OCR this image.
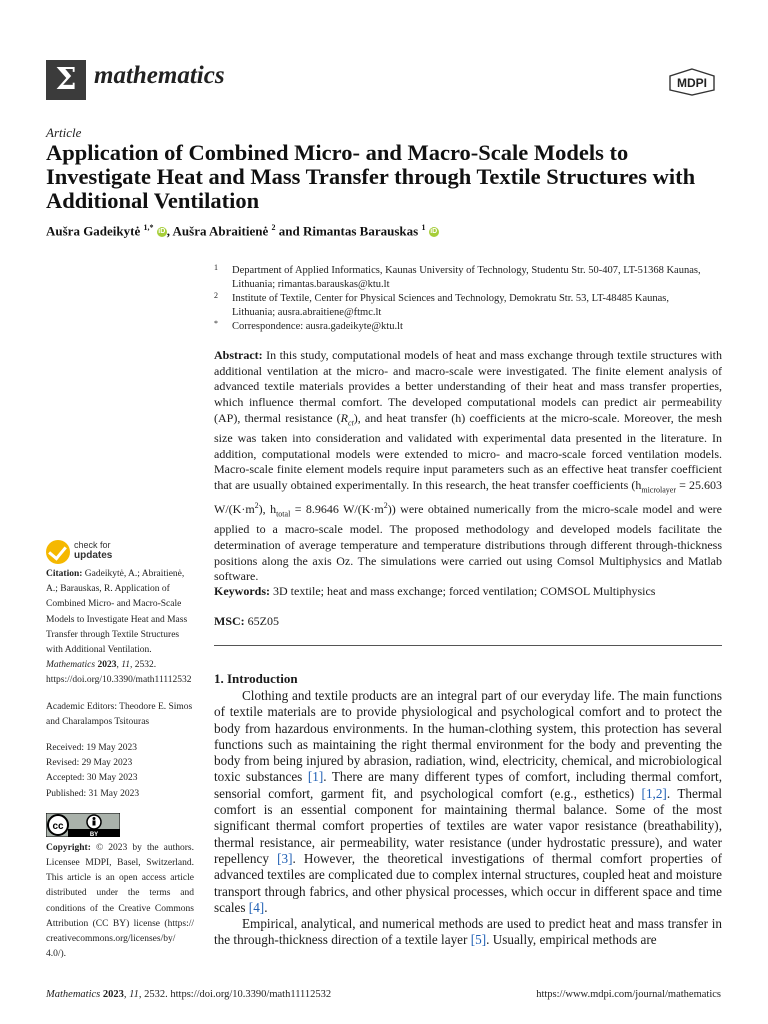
Σ mathematics	MDPI
Article
Application of Combined Micro- and Macro-Scale Models to Investigate Heat and Mass Transfer through Textile Structures with Additional Ventilation
Aušra Gadeikytė $^{1,*}$ iD , Aušra Abraitienė $^2$ and Rimantas Barauskas $^1$ iD
1 Department of Applied Informatics, Kaunas University of Technology, Studentu Str. 50-407, LT-51368 Kaunas, Lithuania; rimantas.barauskas@ktu.lt
2 Institute of Textile, Center for Physical Sciences and Technology, Demokratu Str. 53, LT-48485 Kaunas, Lithuania; ausra.abraitiene@ftmc.lt
* Correspondence: ausra.gadeikyte@ktu.lt
Abstract: In this study, computational models of heat and mass exchange through textile structures with additional ventilation at the micro- and macro-scale were investigated. The finite element analysis of advanced textile materials provides a better understanding of their heat and mass transfer properties, which influence thermal comfort. The developed computational models can predict air permeability (AP), thermal resistance $(R_{ct})$, and heat transfer (h) coefficients at the micro-scale. Moreover, the mesh size was taken into consideration and validated with experimental data presented in the literature. In addition, computational models were extended to micro- and macro-scale forced ventilation models. Macro-scale finite element models require input parameters such as an effective heat transfer coefficient that are usually obtained experimentally. In this research, the heat transfer coefficients ($h_{microlayer} = 25.603$ $W/(K\cdot m^2)$, $h_{total} = 8.9646$ $W/(K\cdot m^2)$) were obtained numerically from the micro-scale model and were applied to a macro-scale model. The proposed methodology and developed models facilitate the determination of average temperature and temperature distributions through different through-thickness positions along the axis Oz. The simulations were carried out using Comsol Multiphysics and Matlab software.
Keywords: 3D textile; heat and mass exchange; forced ventilation; COMSOL Multiphysics
MSC: 65Z05
1. Introduction

Clothing and textile products are an integral part of our everyday life. The main functions of textile materials are to provide physiological and psychological comfort and to protect the body from hazardous environments. In the human-clothing system, this protection has several functions such as maintaining the right thermal environment for the body and preventing the body from being injured by abrasion, radiation, wind, electricity, chemical, and microbiological toxic substances [1]. There are many different types of comfort, including thermal comfort, sensorial comfort, garment fit, and psychological comfort (e.g., esthetics) [1,2]. Thermal comfort is an essential component for maintaining thermal balance. Some of the most significant thermal comfort properties of textiles are water vapor resistance (breathability), thermal resistance, air permeability, water resistance (under hydrostatic pressure), and water repellency [3]. However, the theoretical investigations of thermal comfort properties of advanced textiles are complicated due to complex internal structures, coupled heat and moisture transport through fabrics, and other physical processes, which occur in different space and time scales [4].

Empirical, analytical, and numerical methods are used to predict heat and mass transfer in the through-thickness direction of a textile layer [5]. Usually, empirical methods are

check for
updates

Citation: Gadeikytė, A.; Abraitienė, A.; Barauskas, R. Application of Combined Micro- and Macro-Scale Models to Investigate Heat and Mass Transfer through Textile Structures with Additional Ventilation. Mathematics 2023, 11, 2532. https://doi.org/10.3390/math11112532

Academic Editors: Theodore E. Simos and Charalampos Tsitouras

Received: 19 May 2023

Revised: 29 May 2023

Accepted: 30 May 2023

Published: 31 May 2023

cc
BY

Copyright: © 2023 by the authors. Licensee MDPI, Basel, Switzerland. This article is an open access article distributed under the terms and conditions of the Creative Commons Attribution (CC BY) license (https:// creativecommons.org/licenses/by/ 4.0/).

Mathematics 2023, 11, 2532. https://doi.org/10.3390/math11112532	https://www.mdpi.com/journal/mathematics
